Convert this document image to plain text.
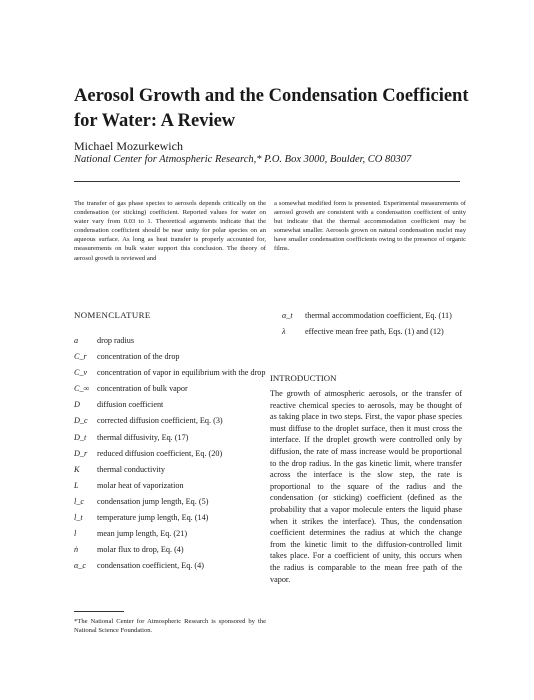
Aerosol Growth and the Condensation Coefficient for Water: A Review
Michael Mozurkewich
National Center for Atmospheric Research,* P.O. Box 3000, Boulder, CO 80307

The transfer of gas phase species to aerosols depends critically on the condensation (or sticking) coefficient. Reported values for water on water vary from 0.03 to 1. Theoretical arguments indicate that the condensation coefficient should be near unity for polar species on an aqueous surface. As long as heat transfer is properly accounted for, measurements on bulk water support this conclusion. The theory of aerosol growth is reviewed and

a somewhat modified form is presented. Experimental measurements of aerosol growth are consistent with a condensation coefficient of unity but indicate that the thermal accommodation coefficient may be somewhat smaller. Aerosols grown on natural condensation nuclei may have smaller condensation coefficients owing to the presence of organic films.

NOMENCLATURE
a	drop radius
C_r	concentration of the drop
C_v	concentration of vapor in equilibrium with the drop
C_∞ concentration of bulk vapor
D	diffusion coefficient
D_c	corrected diffusion coefficient, Eq. (3)
D_t	thermal diffusivity, Eq. (17)
D_r	reduced diffusion coefficient, Eq. (20)
K	thermal conductivity
L	molar heat of vaporization
l_c	condensation jump length, Eq. (5)
l_t	temperature jump length, Eq. (14)
l	mean jump length, Eq. (21)
ṅ	molar flux to drop, Eq. (4)
α_c	condensation coefficient, Eq. (4)
α_t	thermal accommodation coefficient, Eq. (11)
λ	effective mean free path, Eqs. (1) and (12)
INTRODUCTION

The growth of atmospheric aerosols, or the transfer of reactive chemical species to aerosols, may be thought of as taking place in two steps. First, the vapor phase species must diffuse to the droplet surface, then it must cross the interface. If the droplet growth were controlled only by diffusion, the rate of mass increase would be proportional to the drop radius. In the gas kinetic limit, where transfer across the interface is the slow step, the rate is proportional to the square of the radius and the condensation (or sticking) coefficient (defined as the probability that a vapor molecule enters the liquid phase when it strikes the interface). Thus, the condensation coefficient determines the radius at which the change from the kinetic limit to the diffusion-controlled limit takes place. For a coefficient of unity, this occurs when the radius is comparable to the mean free path of the vapor.

*The National Center for Atmospheric Research is sponsored by the National Science Foundation.
